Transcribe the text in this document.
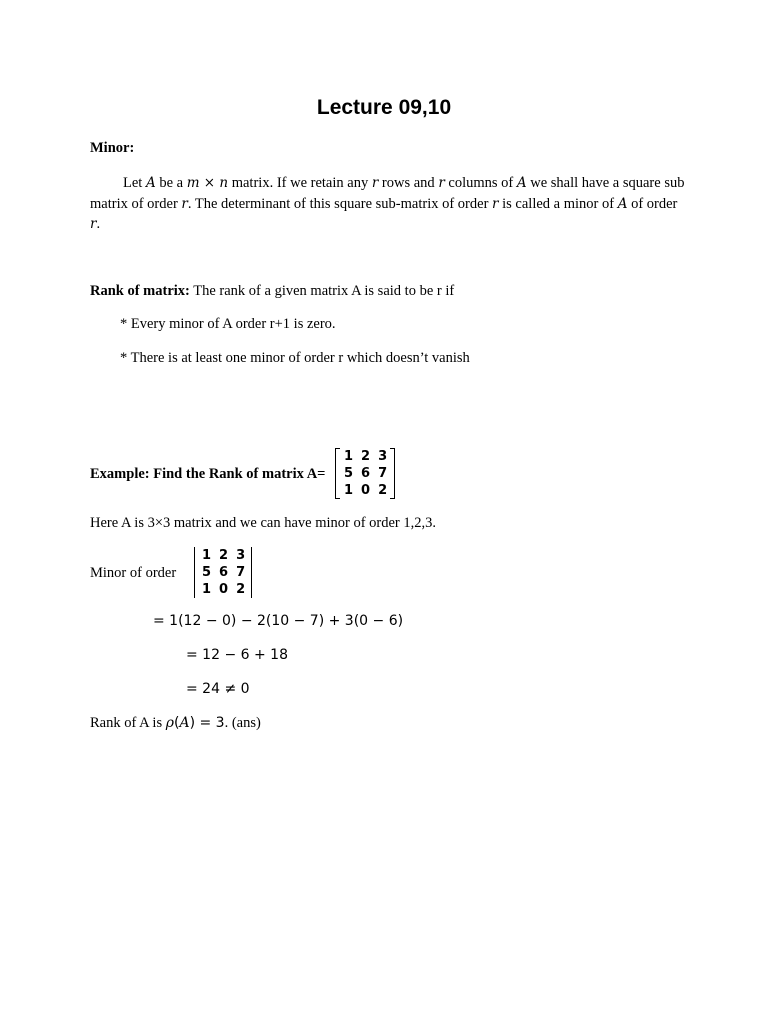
Lecture 09,10
Minor:
Let A be a m × n matrix. If we retain any r rows and r columns of A we shall have a square sub matrix of order r. The determinant of this square sub-matrix of order r is called a minor of A of order r.
Rank of matrix: The rank of a given matrix A is said to be r if
* Every minor of A order r+1 is zero.
* There is at least one minor of order r which doesn’t vanish
Example: Find the Rank of matrix A=
1	2	3
5	6	7
1	0	2
Here A is 3×3 matrix and we can have minor of order 1,2,3.
Minor of order
1	2	3
5	6	7
1	0	2
= 1(12 − 0) − 2(10 − 7) + 3(0 − 6)
= 12 − 6 + 18
= 24 ≠ 0
Rank of A is ρ(A) = 3. (ans)
